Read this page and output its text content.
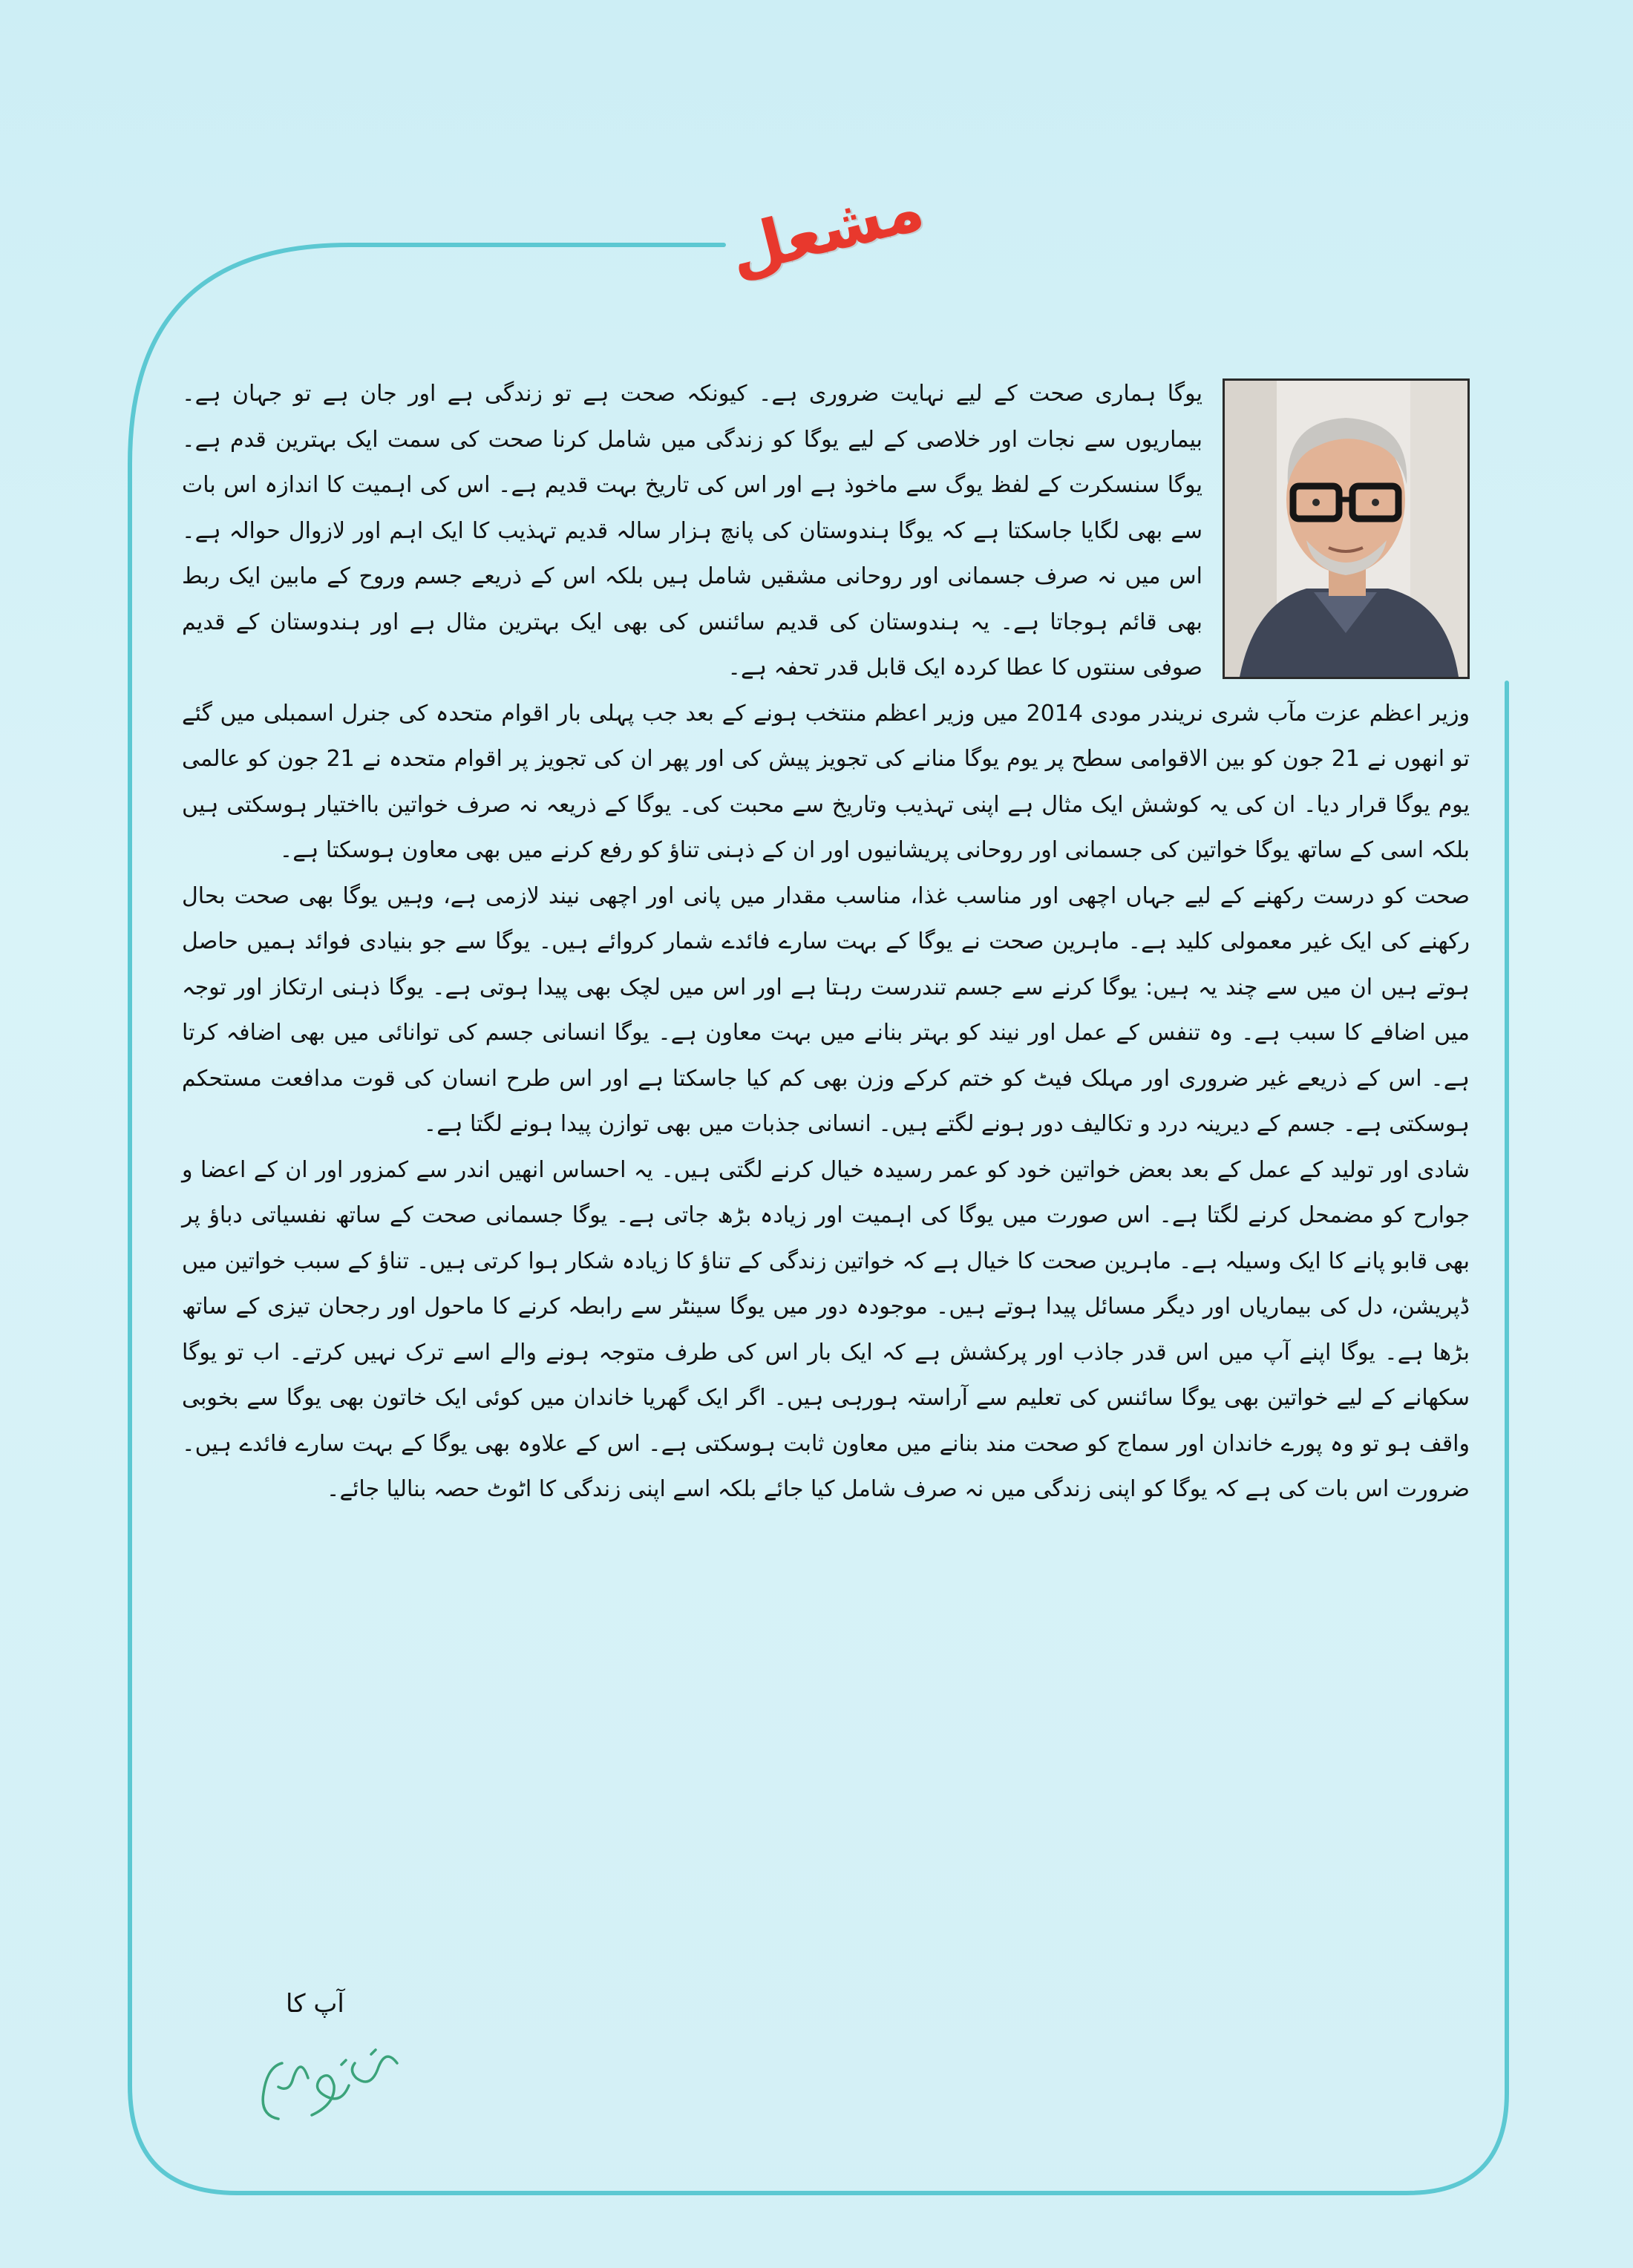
مشعل

یوگا ہماری صحت کے لیے نہایت ضروری ہے۔ کیونکہ صحت ہے تو زندگی ہے اور جان ہے تو جہان ہے۔ بیماریوں سے نجات اور خلاصی کے لیے یوگا کو زندگی میں شامل کرنا صحت کی سمت ایک بہترین قدم ہے۔ یوگا سنسکرت کے لفظ یوگ سے ماخوذ ہے اور اس کی تاریخ بہت قدیم ہے۔ اس کی اہمیت کا اندازہ اس بات سے بھی لگایا جاسکتا ہے کہ یوگا ہندوستان کی پانچ ہزار سالہ قدیم تہذیب کا ایک اہم اور لازوال حوالہ ہے۔ اس میں نہ صرف جسمانی اور روحانی مشقیں شامل ہیں بلکہ اس کے ذریعے جسم وروح کے مابین ایک ربط بھی قائم ہوجاتا ہے۔ یہ ہندوستان کی قدیم سائنس کی بھی ایک بہترین مثال ہے اور ہندوستان کے قدیم صوفی سنتوں کا عطا کردہ ایک قابل قدر تحفہ ہے۔

وزیر اعظم عزت مآب شری نریندر مودی 2014 میں وزیر اعظم منتخب ہونے کے بعد جب پہلی بار اقوام متحدہ کی جنرل اسمبلی میں گئے تو انھوں نے 21 جون کو بین الاقوامی سطح پر یوم یوگا منانے کی تجویز پیش کی اور پھر ان کی تجویز پر اقوام متحدہ نے 21 جون کو عالمی یوم یوگا قرار دیا۔ ان کی یہ کوشش ایک مثال ہے اپنی تہذیب وتاریخ سے محبت کی۔ یوگا کے ذریعہ نہ صرف خواتین بااختیار ہوسکتی ہیں بلکہ اسی کے ساتھ یوگا خواتین کی جسمانی اور روحانی پریشانیوں اور ان کے ذہنی تناؤ کو رفع کرنے میں بھی معاون ہوسکتا ہے۔

صحت کو درست رکھنے کے لیے جہاں اچھی اور مناسب غذا، مناسب مقدار میں پانی اور اچھی نیند لازمی ہے، وہیں یوگا بھی صحت بحال رکھنے کی ایک غیر معمولی کلید ہے۔ ماہرین صحت نے یوگا کے بہت سارے فائدے شمار کروائے ہیں۔ یوگا سے جو بنیادی فوائد ہمیں حاصل ہوتے ہیں ان میں سے چند یہ ہیں: یوگا کرنے سے جسم تندرست رہتا ہے اور اس میں لچک بھی پیدا ہوتی ہے۔ یوگا ذہنی ارتکاز اور توجہ میں اضافے کا سبب ہے۔ وہ تنفس کے عمل اور نیند کو بہتر بنانے میں بہت معاون ہے۔ یوگا انسانی جسم کی توانائی میں بھی اضافہ کرتا ہے۔ اس کے ذریعے غیر ضروری اور مہلک فیٹ کو ختم کرکے وزن بھی کم کیا جاسکتا ہے اور اس طرح انسان کی قوت مدافعت مستحکم ہوسکتی ہے۔ جسم کے دیرینہ درد و تکالیف دور ہونے لگتے ہیں۔ انسانی جذبات میں بھی توازن پیدا ہونے لگتا ہے۔

شادی اور تولید کے عمل کے بعد بعض خواتین خود کو عمر رسیدہ خیال کرنے لگتی ہیں۔ یہ احساس انھیں اندر سے کمزور اور ان کے اعضا و جوارح کو مضمحل کرنے لگتا ہے۔ اس صورت میں یوگا کی اہمیت اور زیادہ بڑھ جاتی ہے۔ یوگا جسمانی صحت کے ساتھ نفسیاتی دباؤ پر بھی قابو پانے کا ایک وسیلہ ہے۔ ماہرین صحت کا خیال ہے کہ خواتین زندگی کے تناؤ کا زیادہ شکار ہوا کرتی ہیں۔ تناؤ کے سبب خواتین میں ڈپریشن، دل کی بیماریاں اور دیگر مسائل پیدا ہوتے ہیں۔ موجودہ دور میں یوگا سینٹر سے رابطہ کرنے کا ماحول اور رجحان تیزی کے ساتھ بڑھا ہے۔ یوگا اپنے آپ میں اس قدر جاذب اور پرکشش ہے کہ ایک بار اس کی طرف متوجہ ہونے والے اسے ترک نہیں کرتے۔ اب تو یوگا سکھانے کے لیے خواتین بھی یوگا سائنس کی تعلیم سے آراستہ ہورہی ہیں۔ اگر ایک گھریا خاندان میں کوئی ایک خاتون بھی یوگا سے بخوبی واقف ہو تو وہ پورے خاندان اور سماج کو صحت مند بنانے میں معاون ثابت ہوسکتی ہے۔ اس کے علاوہ بھی یوگا کے بہت سارے فائدے ہیں۔ ضرورت اس بات کی ہے کہ یوگا کو اپنی زندگی میں نہ صرف شامل کیا جائے بلکہ اسے اپنی زندگی کا اٹوٹ حصہ بنالیا جائے۔

آپ کا
